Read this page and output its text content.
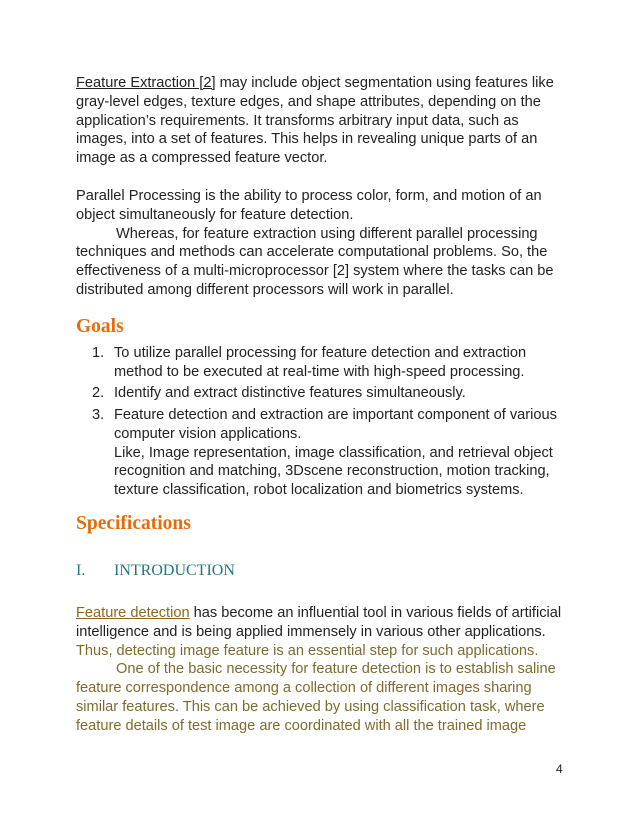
Feature Extraction [2] may include object segmentation using features like
gray-level edges, texture edges, and shape attributes, depending on the
application’s requirements. It transforms arbitrary input data, such as
images, into a set of features. This helps in revealing unique parts of an
image as a compressed feature vector.
Parallel Processing is the ability to process color, form, and motion of an
object simultaneously for feature detection.
Whereas, for feature extraction using different parallel processing
techniques and methods can accelerate computational problems. So, the
effectiveness of a multi-microprocessor [2] system where the tasks can be
distributed among different processors will work in parallel.
Goals
1. To utilize parallel processing for feature detection and extraction
method to be executed at real-time with high-speed processing.
2. Identify and extract distinctive features simultaneously.
3. Feature detection and extraction are important component of various
computer vision applications.
Like, Image representation, image classification, and retrieval object
recognition and matching, 3Dscene reconstruction, motion tracking,
texture classification, robot localization and biometrics systems.
Specifications
I. INTRODUCTION
Feature detection has become an influential tool in various fields of artificial
intelligence and is being applied immensely in various other applications.
Thus, detecting image feature is an essential step for such applications.
One of the basic necessity for feature detection is to establish saline
feature correspondence among a collection of different images sharing
similar features. This can be achieved by using classification task, where
feature details of test image are coordinated with all the trained image
4
